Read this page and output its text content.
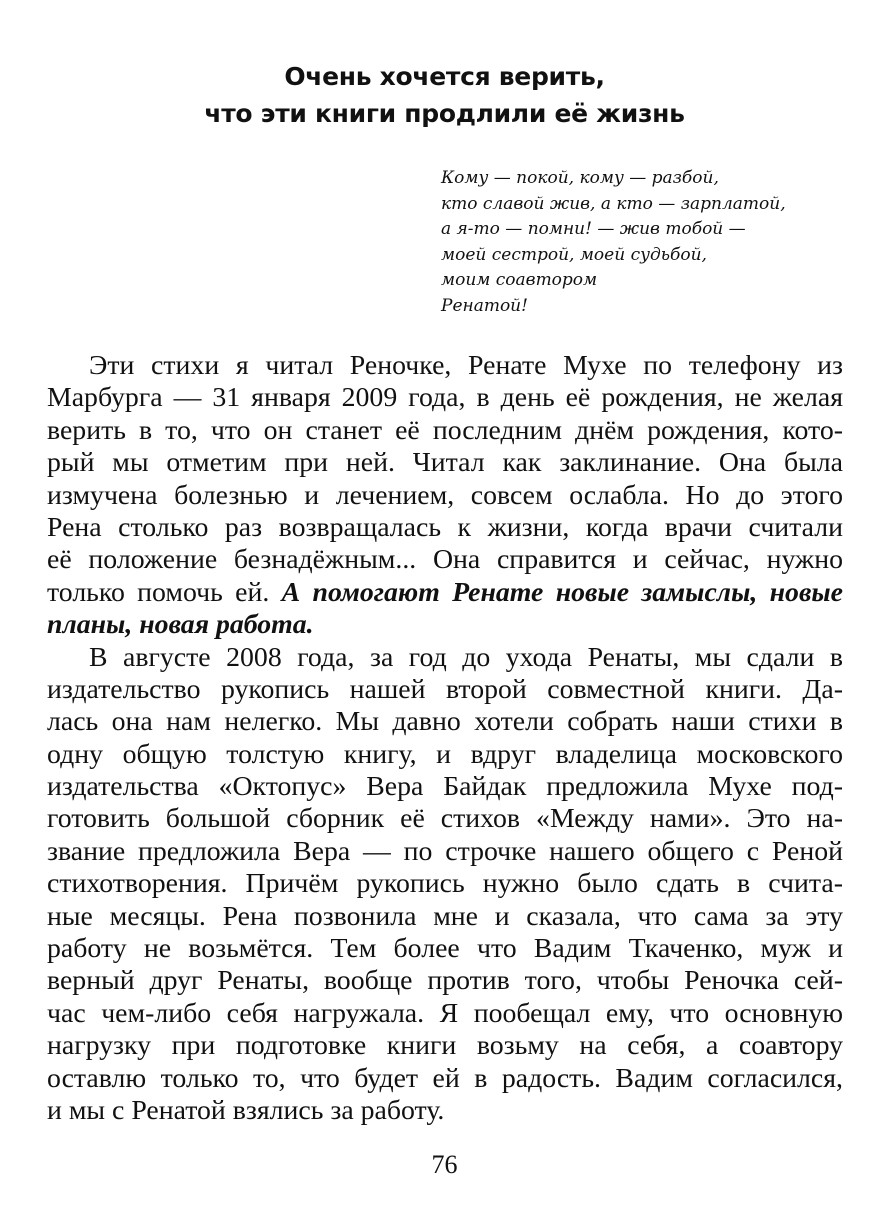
Очень хочется верить,
что эти книги продлили её жизнь
Кому — покой, кому — разбой,
кто славой жив, а кто — зарплатой,
а я-то — помни! — жив тобой —
моей сестрой, моей судьбой,
моим соавтором
Ренатой!
Эти стихи я читал Реночке, Ренате Мухе по телефону из
Марбурга — 31 января 2009 года, в день её рождения, не желая
верить в то, что он станет её последним днём рождения, кото-
рый мы отметим при ней. Читал как заклинание. Она была
измучена болезнью и лечением, совсем ослабла. Но до этого
Рена столько раз возвращалась к жизни, когда врачи считали
её положение безнадёжным... Она справится и сейчас, нужно
только помочь ей. А помогают Ренате новые замыслы, новые
планы, новая работа.
В августе 2008 года, за год до ухода Ренаты, мы сдали в
издательство рукопись нашей второй совместной книги. Да-
лась она нам нелегко. Мы давно хотели собрать наши стихи в
одну общую толстую книгу, и вдруг владелица московского
издательства «Октопус» Вера Байдак предложила Мухе под-
готовить большой сборник её стихов «Между нами». Это на-
звание предложила Вера — по строчке нашего общего с Реной
стихотворения. Причём рукопись нужно было сдать в счита-
ные месяцы. Рена позвонила мне и сказала, что сама за эту
работу не возьмётся. Тем более что Вадим Ткаченко, муж и
верный друг Ренаты, вообще против того, чтобы Реночка сей-
час чем-либо себя нагружала. Я пообещал ему, что основную
нагрузку при подготовке книги возьму на себя, а соавтору
оставлю только то, что будет ей в радость. Вадим согласился,
и мы с Ренатой взялись за работу.
76
